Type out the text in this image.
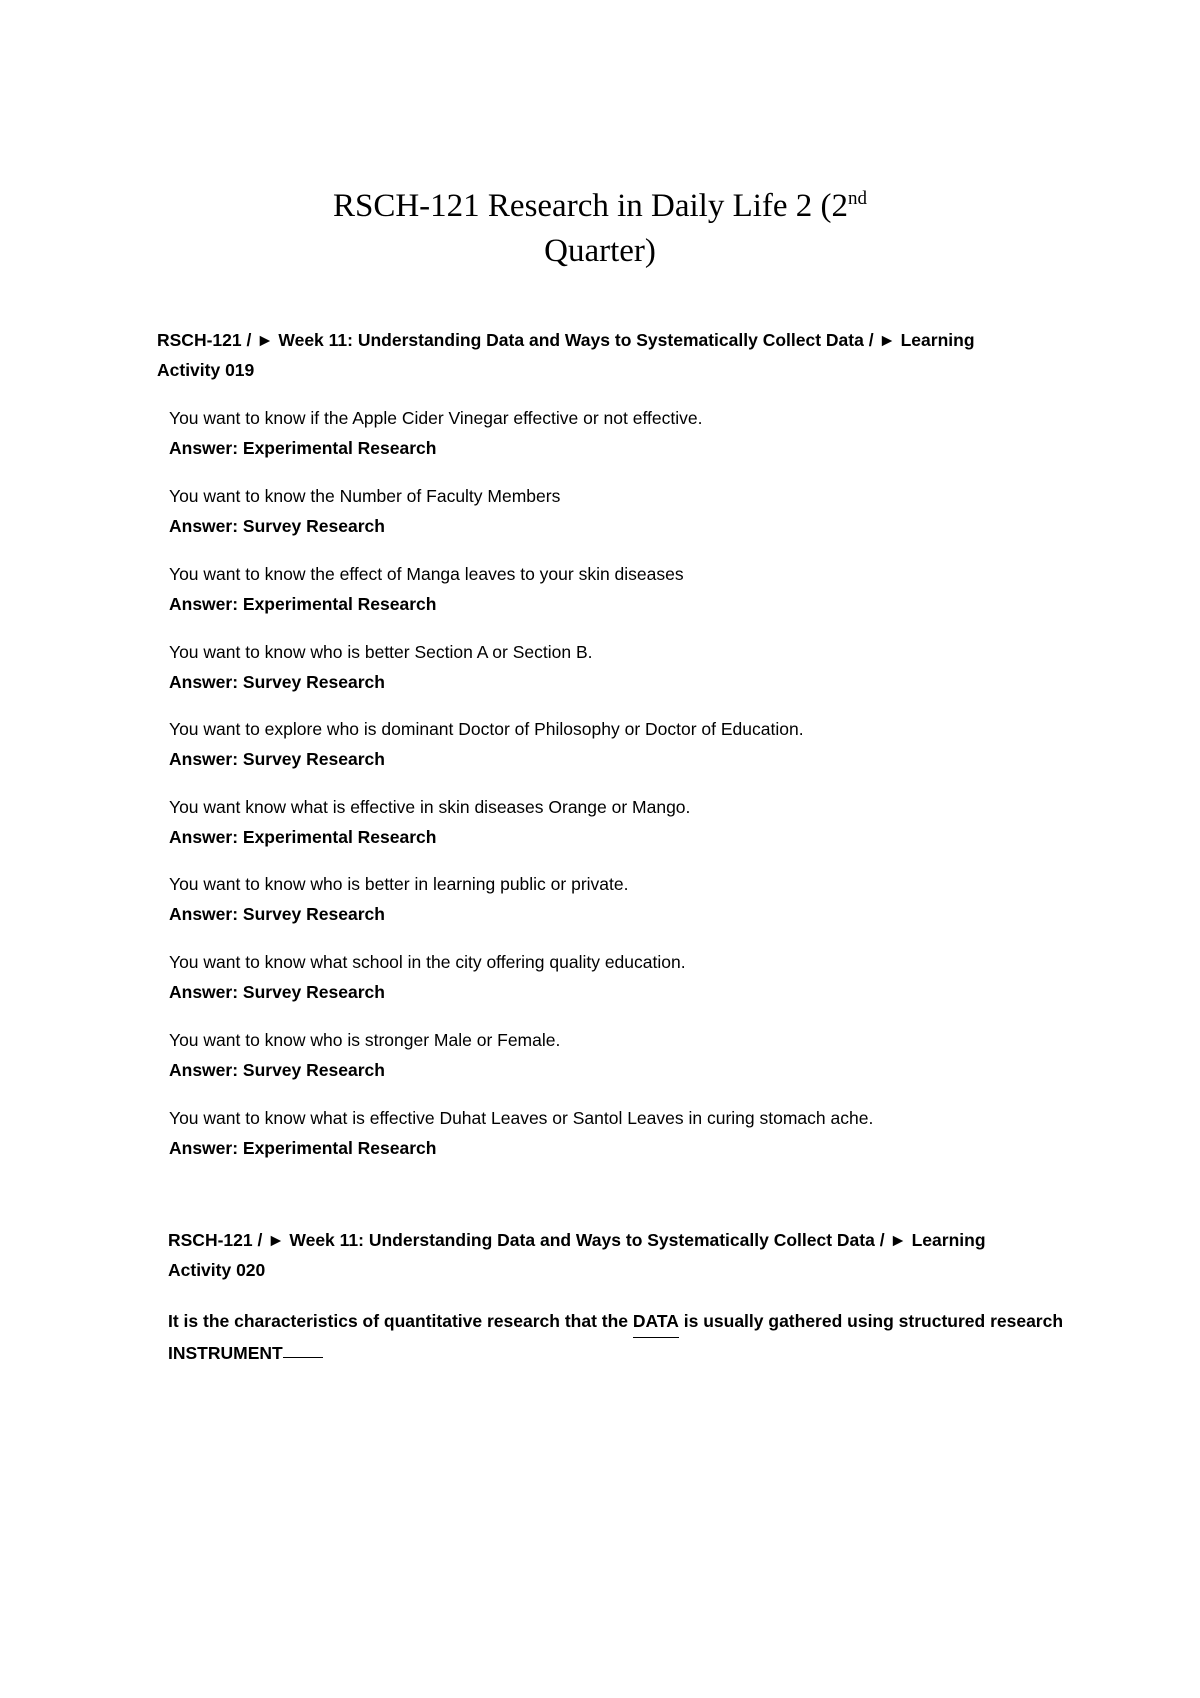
RSCH-121 Research in Daily Life 2 (2nd
Quarter)
RSCH-121 / ► Week 11: Understanding Data and Ways to Systematically Collect Data / ► Learning Activity 019
You want to know if the Apple Cider Vinegar effective or not effective.
Answer: Experimental Research
You want to know the Number of Faculty Members
Answer: Survey Research
You want to know the effect of Manga leaves to your skin diseases
Answer: Experimental Research
You want to know who is better Section A or Section B.
Answer: Survey Research
You want to explore who is dominant Doctor of Philosophy or Doctor of Education.
Answer: Survey Research
You want know what is effective in skin diseases Orange or Mango.
Answer: Experimental Research
You want to know who is better in learning public or private.
Answer: Survey Research
You want to know what school in the city offering quality education.
Answer: Survey Research
You want to know who is stronger Male or Female.
Answer: Survey Research
You want to know what is effective Duhat Leaves or Santol Leaves in curing stomach ache.
Answer: Experimental Research
RSCH-121 / ► Week 11: Understanding Data and Ways to Systematically Collect Data / ► Learning Activity 020
It is the characteristics of quantitative research that the DATA is usually gathered using structured research
INSTRUMENT
